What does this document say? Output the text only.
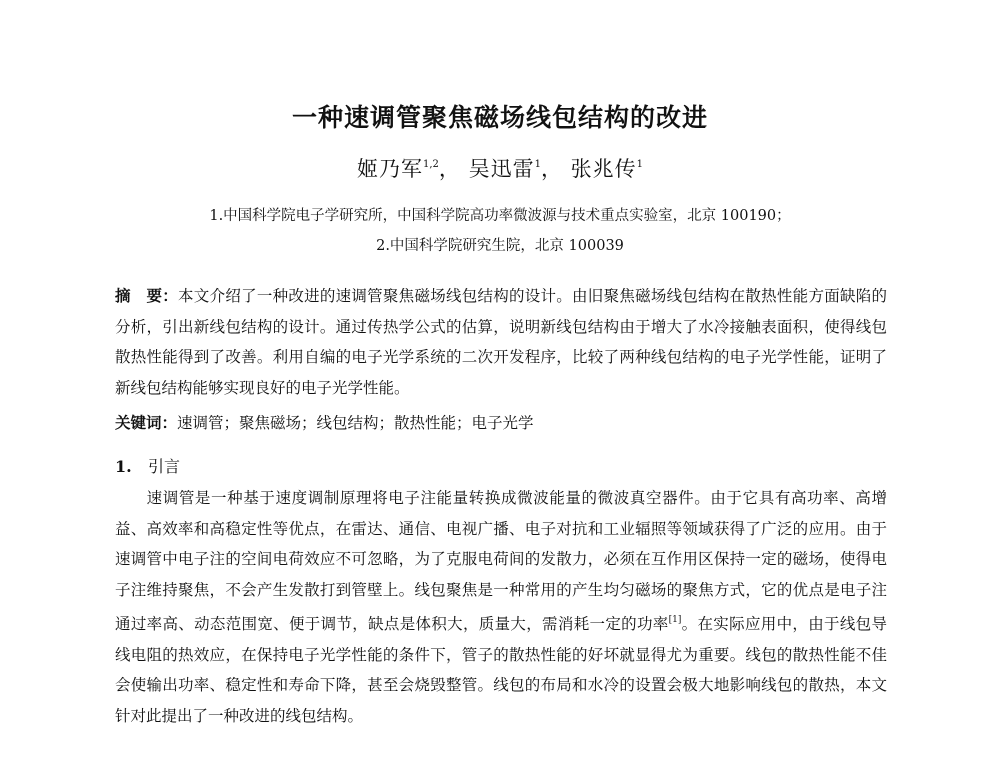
一种速调管聚焦磁场线包结构的改进
姬乃军$^{1,2}$， 吴迅雷$^1$， 张兆传$^1$
1.中国科学院电子学研究所，中国科学院高功率微波源与技术重点实验室，北京 100190；
2.中国科学院研究生院，北京 100039
摘　要：本文介绍了一种改进的速调管聚焦磁场线包结构的设计。由旧聚焦磁场线包结构在散热性能方面缺陷的分析，引出新线包结构的设计。通过传热学公式的估算，说明新线包结构由于增大了水冷接触表面积，使得线包散热性能得到了改善。利用自编的电子光学系统的二次开发程序，比较了两种线包结构的电子光学性能，证明了新线包结构能够实现良好的电子光学性能。
关键词：速调管；聚焦磁场；线包结构；散热性能；电子光学
1. 引言
速调管是一种基于速度调制原理将电子注能量转换成微波能量的微波真空器件。由于它具有高功率、高增益、高效率和高稳定性等优点，在雷达、通信、电视广播、电子对抗和工业辐照等领域获得了广泛的应用。由于速调管中电子注的空间电荷效应不可忽略，为了克服电荷间的发散力，必须在互作用区保持一定的磁场，使得电子注维持聚焦，不会产生发散打到管壁上。线包聚焦是一种常用的产生均匀磁场的聚焦方式，它的优点是电子注通过率高、动态范围宽、便于调节，缺点是体积大，质量大，需消耗一定的功率[1]。在实际应用中，由于线包导线电阻的热效应，在保持电子光学性能的条件下，管子的散热性能的好坏就显得尤为重要。线包的散热性能不佳会使输出功率、稳定性和寿命下降，甚至会烧毁整管。线包的布局和水冷的设置会极大地影响线包的散热，本文针对此提出了一种改进的线包结构。
